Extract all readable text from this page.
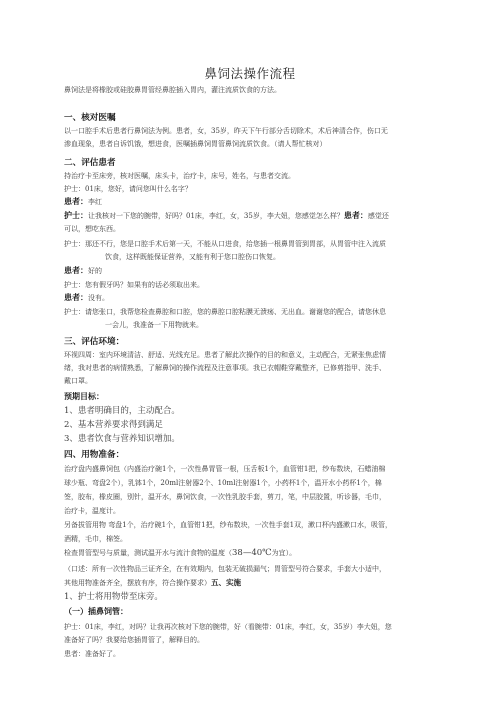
鼻饲法操作流程
鼻饲法是将橡胶或硅胶鼻胃管经鼻腔插入胃内，灌注流质饮食的方法。
一、核对医嘱
以一口腔手术后患者行鼻饲法为例。患者，女，35岁，昨天下午行部分舌切除术，术后神清合作，伤口无
渗血现象，患者自诉饥饿，想进食，医嘱插鼻饲胃管鼻饲流质饮食。（请人帮忙核对）
二、评估患者
持治疗卡至床旁，核对医嘱，床头卡，治疗卡，床号，姓名，与患者交流。
护士：01床，您好，请问您叫什么名字？
患者：李红
护士：让我核对一下您的腕带，好吗？01床，李红，女，35岁，李大妞，您感觉怎么样？患者：感觉还
可以，想吃东西。
护士：那还不行，您是口腔手术后第一天，不能从口进食，给您插一根鼻胃管到胃部，从胃管中注入流质
饮食，这样既能保证营养，又能有利于您口腔伤口恢复。
患者：好的
护士：您有假牙吗？如果有的话必须取出来。
患者：没有。
护士：请您张口，我帮您检查鼻腔和口腔，您的鼻腔口腔粘膜无溃疡、无出血。谢谢您的配合，请您休息
一会儿，我准备一下用物就来。
三、评估环境：
环视四周：室内环境清洁、舒适、光线充足。患者了解此次操作的目的和意义，主动配合，无紧张焦虑情
绪，我对患者的病情熟悉，了解鼻饲的操作流程及注意事项。我已衣帽鞋穿戴整齐，已修剪指甲、洗手、
戴口罩。
预期目标：
1、患者明确目的，主动配合。
2、基本营养要求得到满足
3、患者饮食与营养知识增加。
四、用物准备：
治疗盘内盛鼻饲包（内盛治疗碗1个，一次性鼻胃管一根，压舌板1个，血管钳1把，纱布数块，石蜡油棉
球少瓶、弯盘2个），乳钵1个，20ml注射器2个、10ml注射器1个，小药杯1个，温开水小药杯1个，棉
签，胶布，橡皮圈，别针，温开水，鼻饲饮食，一次性乳胶手套，剪刀，笔，中层胶置，听诊器，毛巾，
治疗卡，温度计。
另备拔管用物 弯盘1个，治疗碗1个，血管钳1把，纱布数块，一次性手套1双，漱口杯内盛漱口水，吸管，
酒精，毛巾，棉签。
检查胃管型号与质量，测试温开水与流汁食物的温度（38—40℃为宜）。
（口述：所有一次性物品三证齐全，在有效期内，包装无破损漏气；胃管型号符合要求，手套大小适中，
其他用物准备齐全，摆放有序，符合操作要求）五、实施
1、护士将用物带至床旁。
（一）插鼻饲管：
护士：01床，李红，对吗？让我再次核对下您的腕带，好（看腕带：01床，李红，女，35岁）李大妞，您
准备好了吗？我要给您插胃管了，解释目的。
患者：准备好了。
